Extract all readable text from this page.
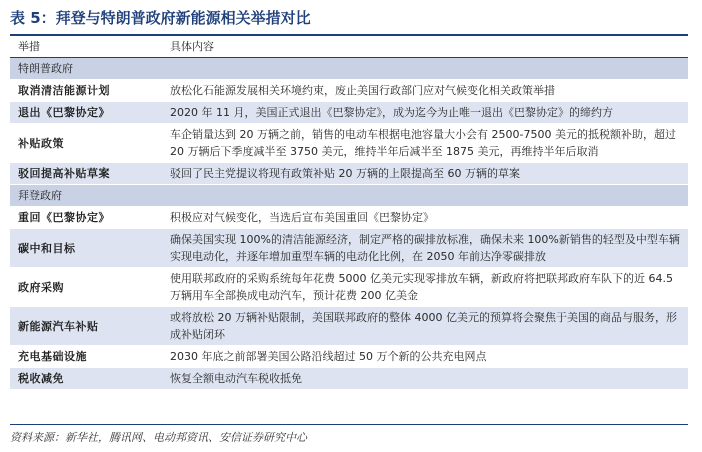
表 5：拜登与特朗普政府新能源相关举措对比
举措	具体内容
特朗普政府	
取消清洁能源计划	放松化石能源发展相关环境约束，废止美国行政部门应对气候变化相关政策举措
退出《巴黎协定》	2020 年 11 月，美国正式退出《巴黎协定》，成为迄今为止唯一退出《巴黎协定》的缔约方
补贴政策	车企销量达到 20 万辆之前，销售的电动车根据电池容量大小会有 2500-7500 美元的抵税额补助，超过 20 万辆后下季度减半至 3750 美元，维持半年后减半至 1875 美元，再维持半年后取消
驳回提高补贴草案	驳回了民主党提议将现有政策补贴 20 万辆的上限提高至 60 万辆的草案
拜登政府	
重回《巴黎协定》	积极应对气候变化，当选后宣布美国重回《巴黎协定》
碳中和目标	确保美国实现 100%的清洁能源经济，制定严格的碳排放标准，确保未来 100%新销售的轻型及中型车辆实现电动化，并逐年增加重型车辆的电动化比例，在 2050 年前达净零碳排放
政府采购	使用联邦政府的采购系统每年花费 5000 亿美元实现零排放车辆，新政府将把联邦政府车队下的近 64.5 万辆用车全部换成电动汽车，预计花费 200 亿美金
新能源汽车补贴	或将放松 20 万辆补贴限制，美国联邦政府的整体 4000 亿美元的预算将会聚焦于美国的商品与服务，形成补贴闭环
充电基础设施	2030 年底之前部署美国公路沿线超过 50 万个新的公共充电网点
税收减免	恢复全额电动汽车税收抵免
资料来源：新华社，腾讯网、电动邦资讯、安信证券研究中心
